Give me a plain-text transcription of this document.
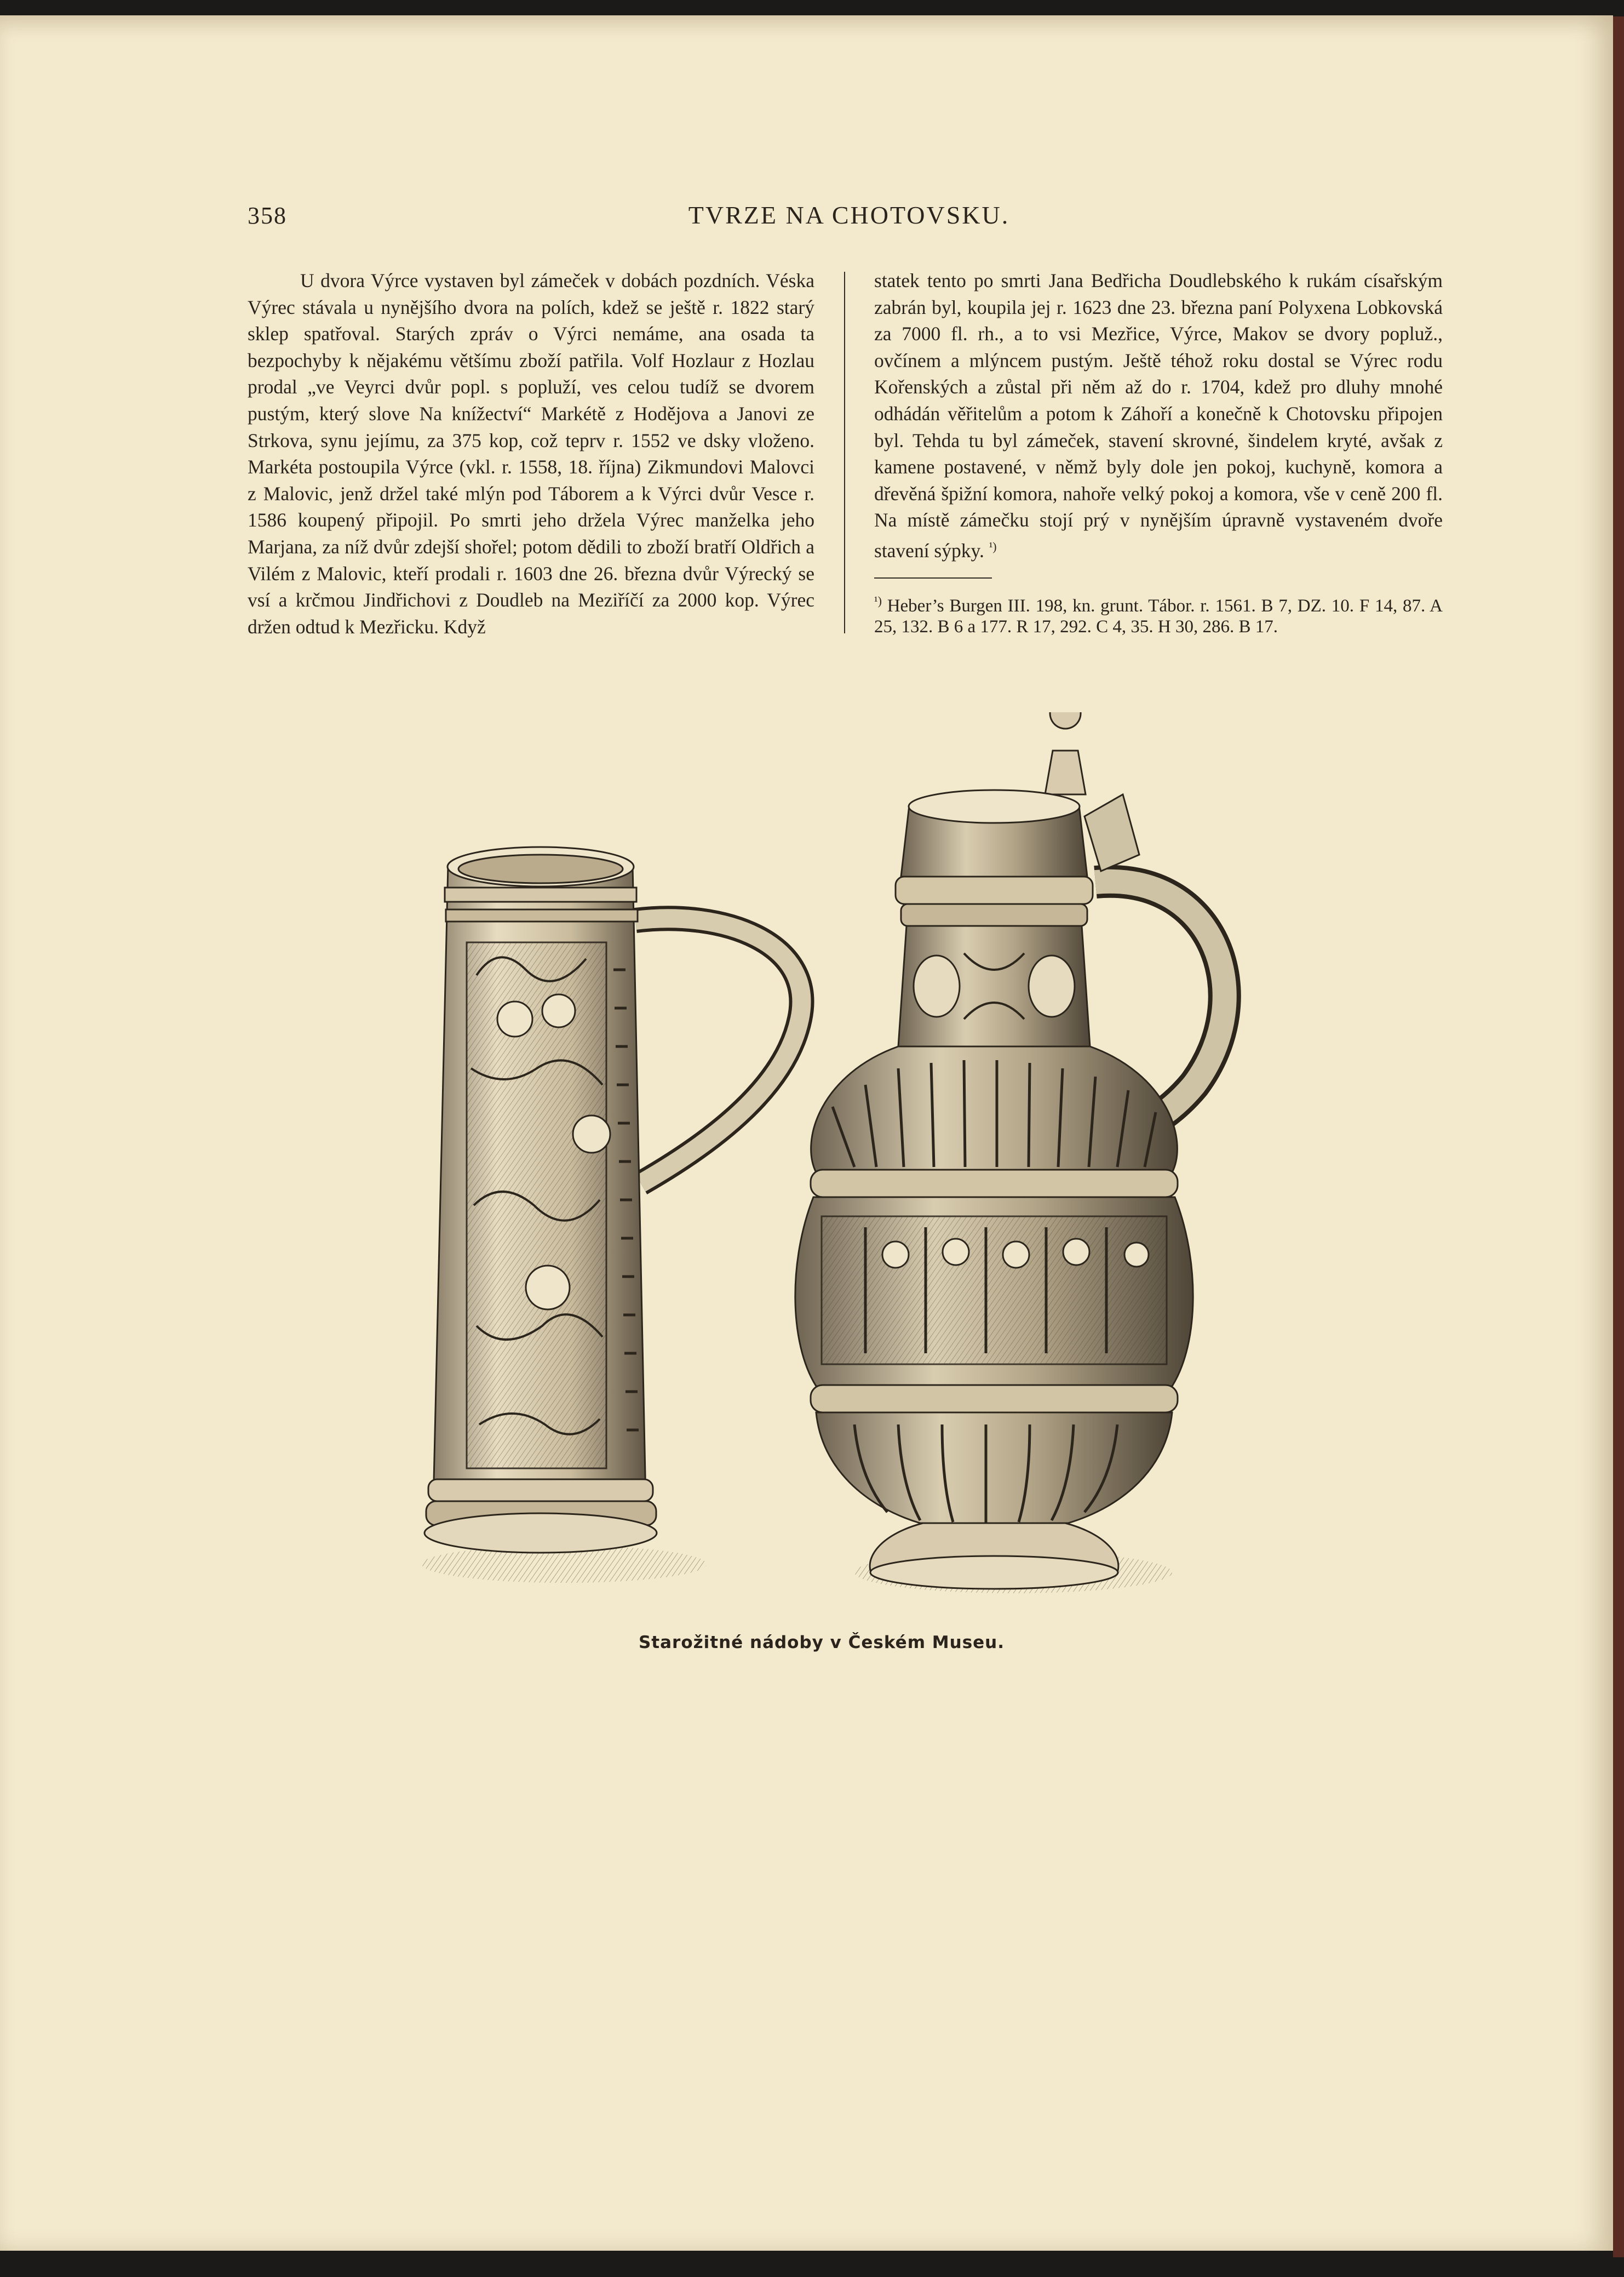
358	TVRZE NA CHOTOVSKU.

U dvora Výrce vystaven byl zámeček v dobách pozdních. Véska Výrec stávala u nynějšího dvora na polích, kdež se ještě r. 1822 starý sklep spatřoval. Starých zpráv o Výrci nemáme, ana osada ta bezpochyby k nějakému většímu zboží patřila. Volf Hozlaur z Hozlau prodal „ve Veyrci dvůr popl. s popluží, ves celou tudíž se dvorem pustým, který slove Na knížectví“ Markétě z Hodějova a Janovi ze Strkova, synu jejímu, za 375 kop, což teprv r. 1552 ve dsky vloženo. Markéta postoupila Výrce (vkl. r. 1558, 18. října) Zikmundovi Malovci z Malovic, jenž držel také mlýn pod Táborem a k Výrci dvůr Vesce r. 1586 koupený připojil. Po smrti jeho držela Výrec manželka jeho Marjana, za níž dvůr zdejší shořel; potom dědili to zboží bratří Oldřich a Vilém z Malovic, kteří prodali r. 1603 dne 26. března dvůr Výrecký se vsí a krčmou Jindřichovi z Doudleb na Meziříčí za 2000 kop. Výrec držen odtud k Mezřicku. Když

statek tento po smrti Jana Bedřicha Doudlebského k rukám císařským zabrán byl, koupila jej r. 1623 dne 23. března paní Polyxena Lobkovská za 7000 fl. rh., a to vsi Mezřice, Výrce, Makov se dvory popluž., ovčínem a mlýncem pustým. Ještě téhož roku dostal se Výrec rodu Kořenských a zůstal při něm až do r. 1704, kdež pro dluhy mnohé odhádán věřitelům a potom k Záhoří a konečně k Chotovsku připojen byl. Tehda tu byl zámeček, stavení skrovné, šindelem kryté, avšak z kamene postavené, v němž byly dole jen pokoj, kuchyně, komora a dřevěná špižní komora, nahoře velký pokoj a komora, vše v ceně 200 fl. Na místě zámečku stojí prý v nynějším úpravně vystaveném dvoře stavení sýpky. $^{^1)}$

$^{^1)}$ Heber’s Burgen III. 198, kn. grunt. Tábor. r. 1561. B 7, DZ. 10. F 14, 87. A 25, 132. B 6 a 177. R 17, 292. C 4, 35. H 30, 286. B 17.

Starožitné nádoby v Českém Museu.
